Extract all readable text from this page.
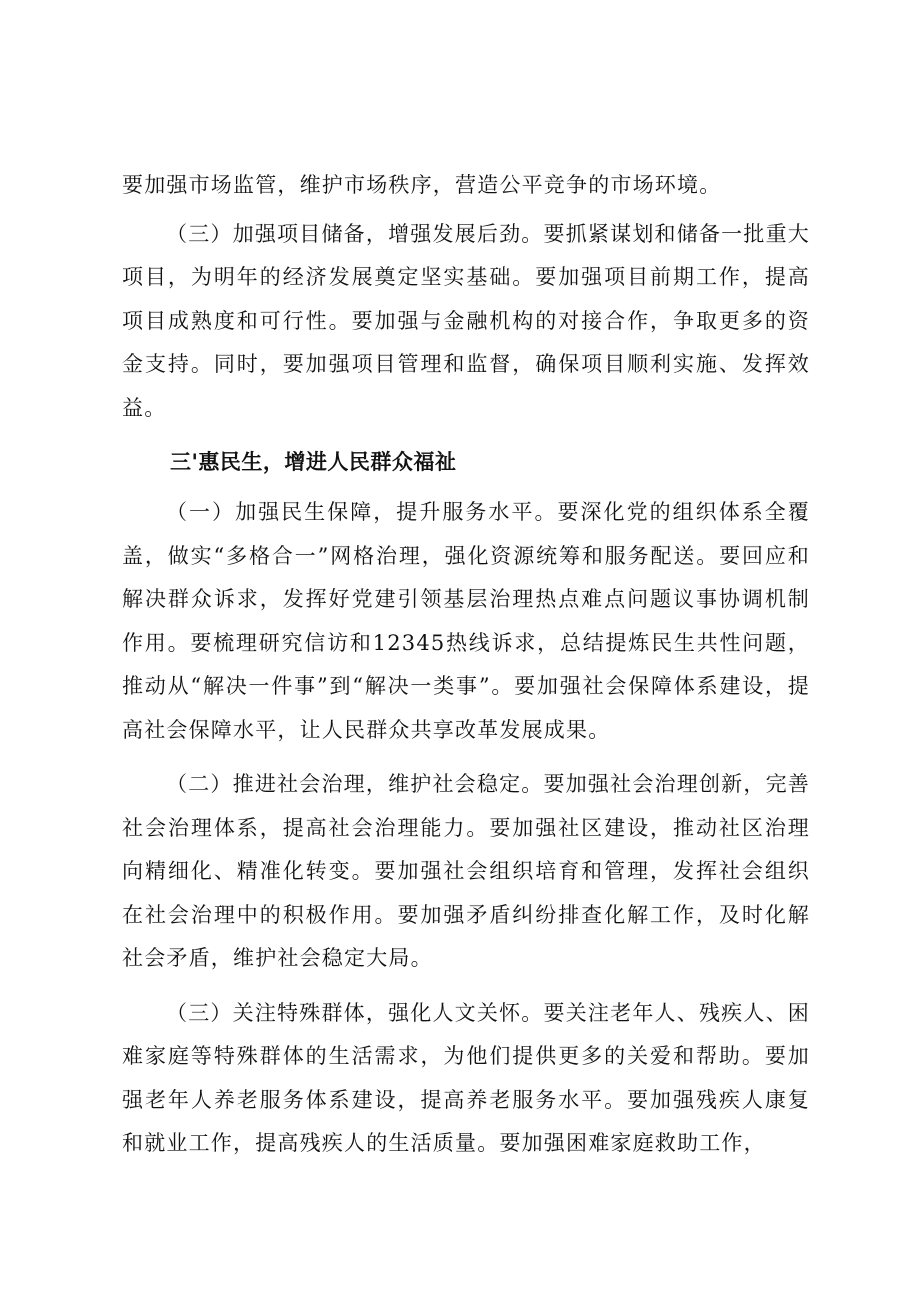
要加强市场监管，维护市场秩序，营造公平竞争的市场环境。

（三）加强项目储备，增强发展后劲。要抓紧谋划和储备一批重大项目，为明年的经济发展奠定坚实基础。要加强项目前期工作，提高项目成熟度和可行性。要加强与金融机构的对接合作，争取更多的资金支持。同时，要加强项目管理和监督，确保项目顺利实施、发挥效益。

三'惠民生，增进人民群众福祉

（一）加强民生保障，提升服务水平。要深化党的组织体系全覆盖，做实“多格合一”网格治理，强化资源统筹和服务配送。要回应和解决群众诉求，发挥好党建引领基层治理热点难点问题议事协调机制作用。要梳理研究信访和12345热线诉求，总结提炼民生共性问题，推动从“解决一件事”到“解决一类事”。要加强社会保障体系建设，提高社会保障水平，让人民群众共享改革发展成果。

（二）推进社会治理，维护社会稳定。要加强社会治理创新，完善社会治理体系，提高社会治理能力。要加强社区建设，推动社区治理向精细化、精准化转变。要加强社会组织培育和管理，发挥社会组织在社会治理中的积极作用。要加强矛盾纠纷排查化解工作，及时化解社会矛盾，维护社会稳定大局。

（三）关注特殊群体，强化人文关怀。要关注老年人、残疾人、困难家庭等特殊群体的生活需求，为他们提供更多的关爱和帮助。要加强老年人养老服务体系建设，提高养老服务水平。要加强残疾人康复和就业工作，提高残疾人的生活质量。要加强困难家庭救助工作，
